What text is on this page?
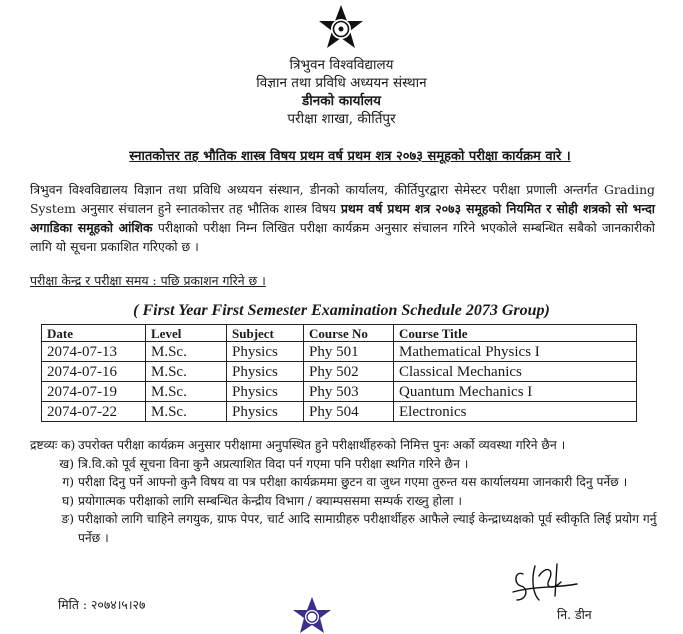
त्रिभुवन विश्वविद्यालय
विज्ञान तथा प्रविधि अध्ययन संस्थान
डीनको कार्यालय
परीक्षा शाखा, कीर्तिपुर
स्नातकोत्तर तह भौतिक शास्त्र विषय प्रथम वर्ष प्रथम शत्र २०७३ समूहको परीक्षा कार्यक्रम वारे ।
त्रिभुवन विश्वविद्यालय विज्ञान तथा प्रविधि अध्ययन संस्थान, डीनको कार्यालय, कीर्तिपुरद्वारा सेमेस्टर परीक्षा प्रणाली अन्तर्गत Grading System अनुसार संचालन हुने स्नातकोत्तर तह भौतिक शास्त्र विषय प्रथम वर्ष प्रथम शत्र २०७३ समूहको नियमित र सोही शत्रको सो भन्दा अगाडिका समूहको आंशिक परीक्षाको परीक्षा निम्न लिखित परीक्षा कार्यक्रम अनुसार संचालन गरिने भएकोले सम्बन्धित सबैको जानकारीको लागि यो सूचना प्रकाशित गरिएको छ ।
परीक्षा केन्द्र र परीक्षा समय : पछि प्रकाशन गरिने छ ।
( First Year First Semester Examination Schedule 2073 Group)
Date	Level	Subject	Course No	Course Title
2074-07-13	M.Sc.	Physics	Phy 501	Mathematical Physics I
2074-07-16	M.Sc.	Physics	Phy 502	Classical Mechanics
2074-07-19	M.Sc.	Physics	Phy 503	Quantum Mechanics I
2074-07-22	M.Sc.	Physics	Phy 504	Electronics
द्रष्टव्यः क) उपरोक्त परीक्षा कार्यक्रम अनुसार परीक्षामा अनुपस्थित हुने परीक्षार्थीहरुको निमित्त पुनः अर्को व्यवस्था गरिने छैन ।
ख) त्रि.वि.को पूर्व सूचना विना कुनै अप्रत्याशित विदा पर्न गएमा पनि परीक्षा स्थगित गरिने छैन ।
ग) परीक्षा दिनु पर्ने आफ्नो कुनै विषय वा पत्र परीक्षा कार्यक्रममा छुटन वा जुध्न गएमा तुरुन्त यस कार्यालयमा जानकारी दिनु पर्नेछ ।
घ) प्रयोगात्मक परीक्षाको लागि सम्बन्धित केन्द्रीय विभाग / क्याम्पससमा सम्पर्क राख्नु होला ।
ङ) परीक्षाको लागि चाहिने लगयुक, ग्राफ पेपर, चार्ट आदि सामाग्रीहरु परीक्षार्थीहरु आफैले ल्याई केन्द्राध्यक्षको पूर्व स्वीकृति लिई प्रयोग गर्नु पर्नेछ ।
मिति : २०७४।५।२७
नि. डीन
